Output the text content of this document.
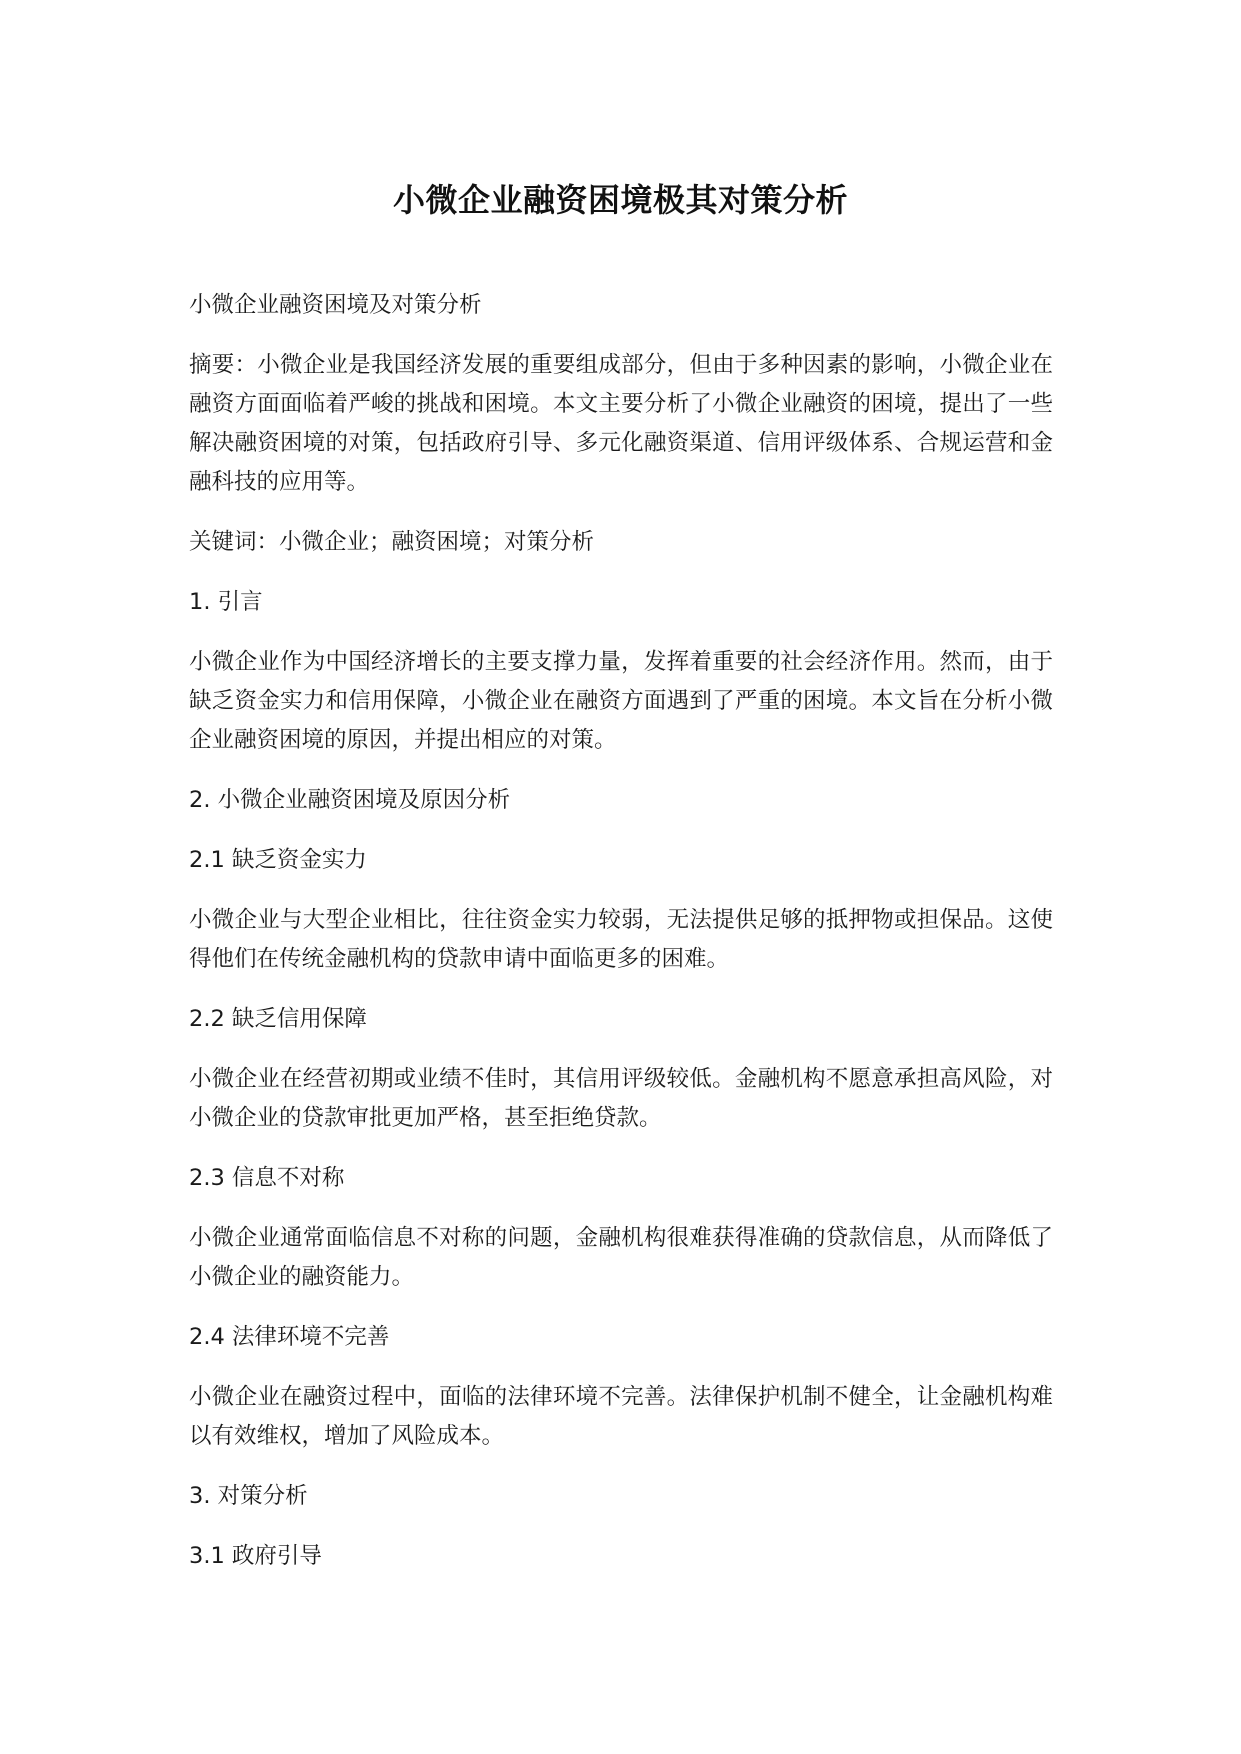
小微企业融资困境极其对策分析

小微企业融资困境及对策分析

摘要：小微企业是我国经济发展的重要组成部分，但由于多种因素的影响，小微企业在融资方面面临着严峻的挑战和困境。本文主要分析了小微企业融资的困境，提出了一些解决融资困境的对策，包括政府引导、多元化融资渠道、信用评级体系、合规运营和金融科技的应用等。

关键词：小微企业；融资困境；对策分析

1. 引言

小微企业作为中国经济增长的主要支撑力量，发挥着重要的社会经济作用。然而，由于缺乏资金实力和信用保障，小微企业在融资方面遇到了严重的困境。本文旨在分析小微企业融资困境的原因，并提出相应的对策。

2. 小微企业融资困境及原因分析

2.1 缺乏资金实力

小微企业与大型企业相比，往往资金实力较弱，无法提供足够的抵押物或担保品。这使得他们在传统金融机构的贷款申请中面临更多的困难。

2.2 缺乏信用保障

小微企业在经营初期或业绩不佳时，其信用评级较低。金融机构不愿意承担高风险，对小微企业的贷款审批更加严格，甚至拒绝贷款。

2.3 信息不对称

小微企业通常面临信息不对称的问题，金融机构很难获得准确的贷款信息，从而降低了小微企业的融资能力。

2.4 法律环境不完善

小微企业在融资过程中，面临的法律环境不完善。法律保护机制不健全，让金融机构难以有效维权，增加了风险成本。

3. 对策分析

3.1 政府引导
